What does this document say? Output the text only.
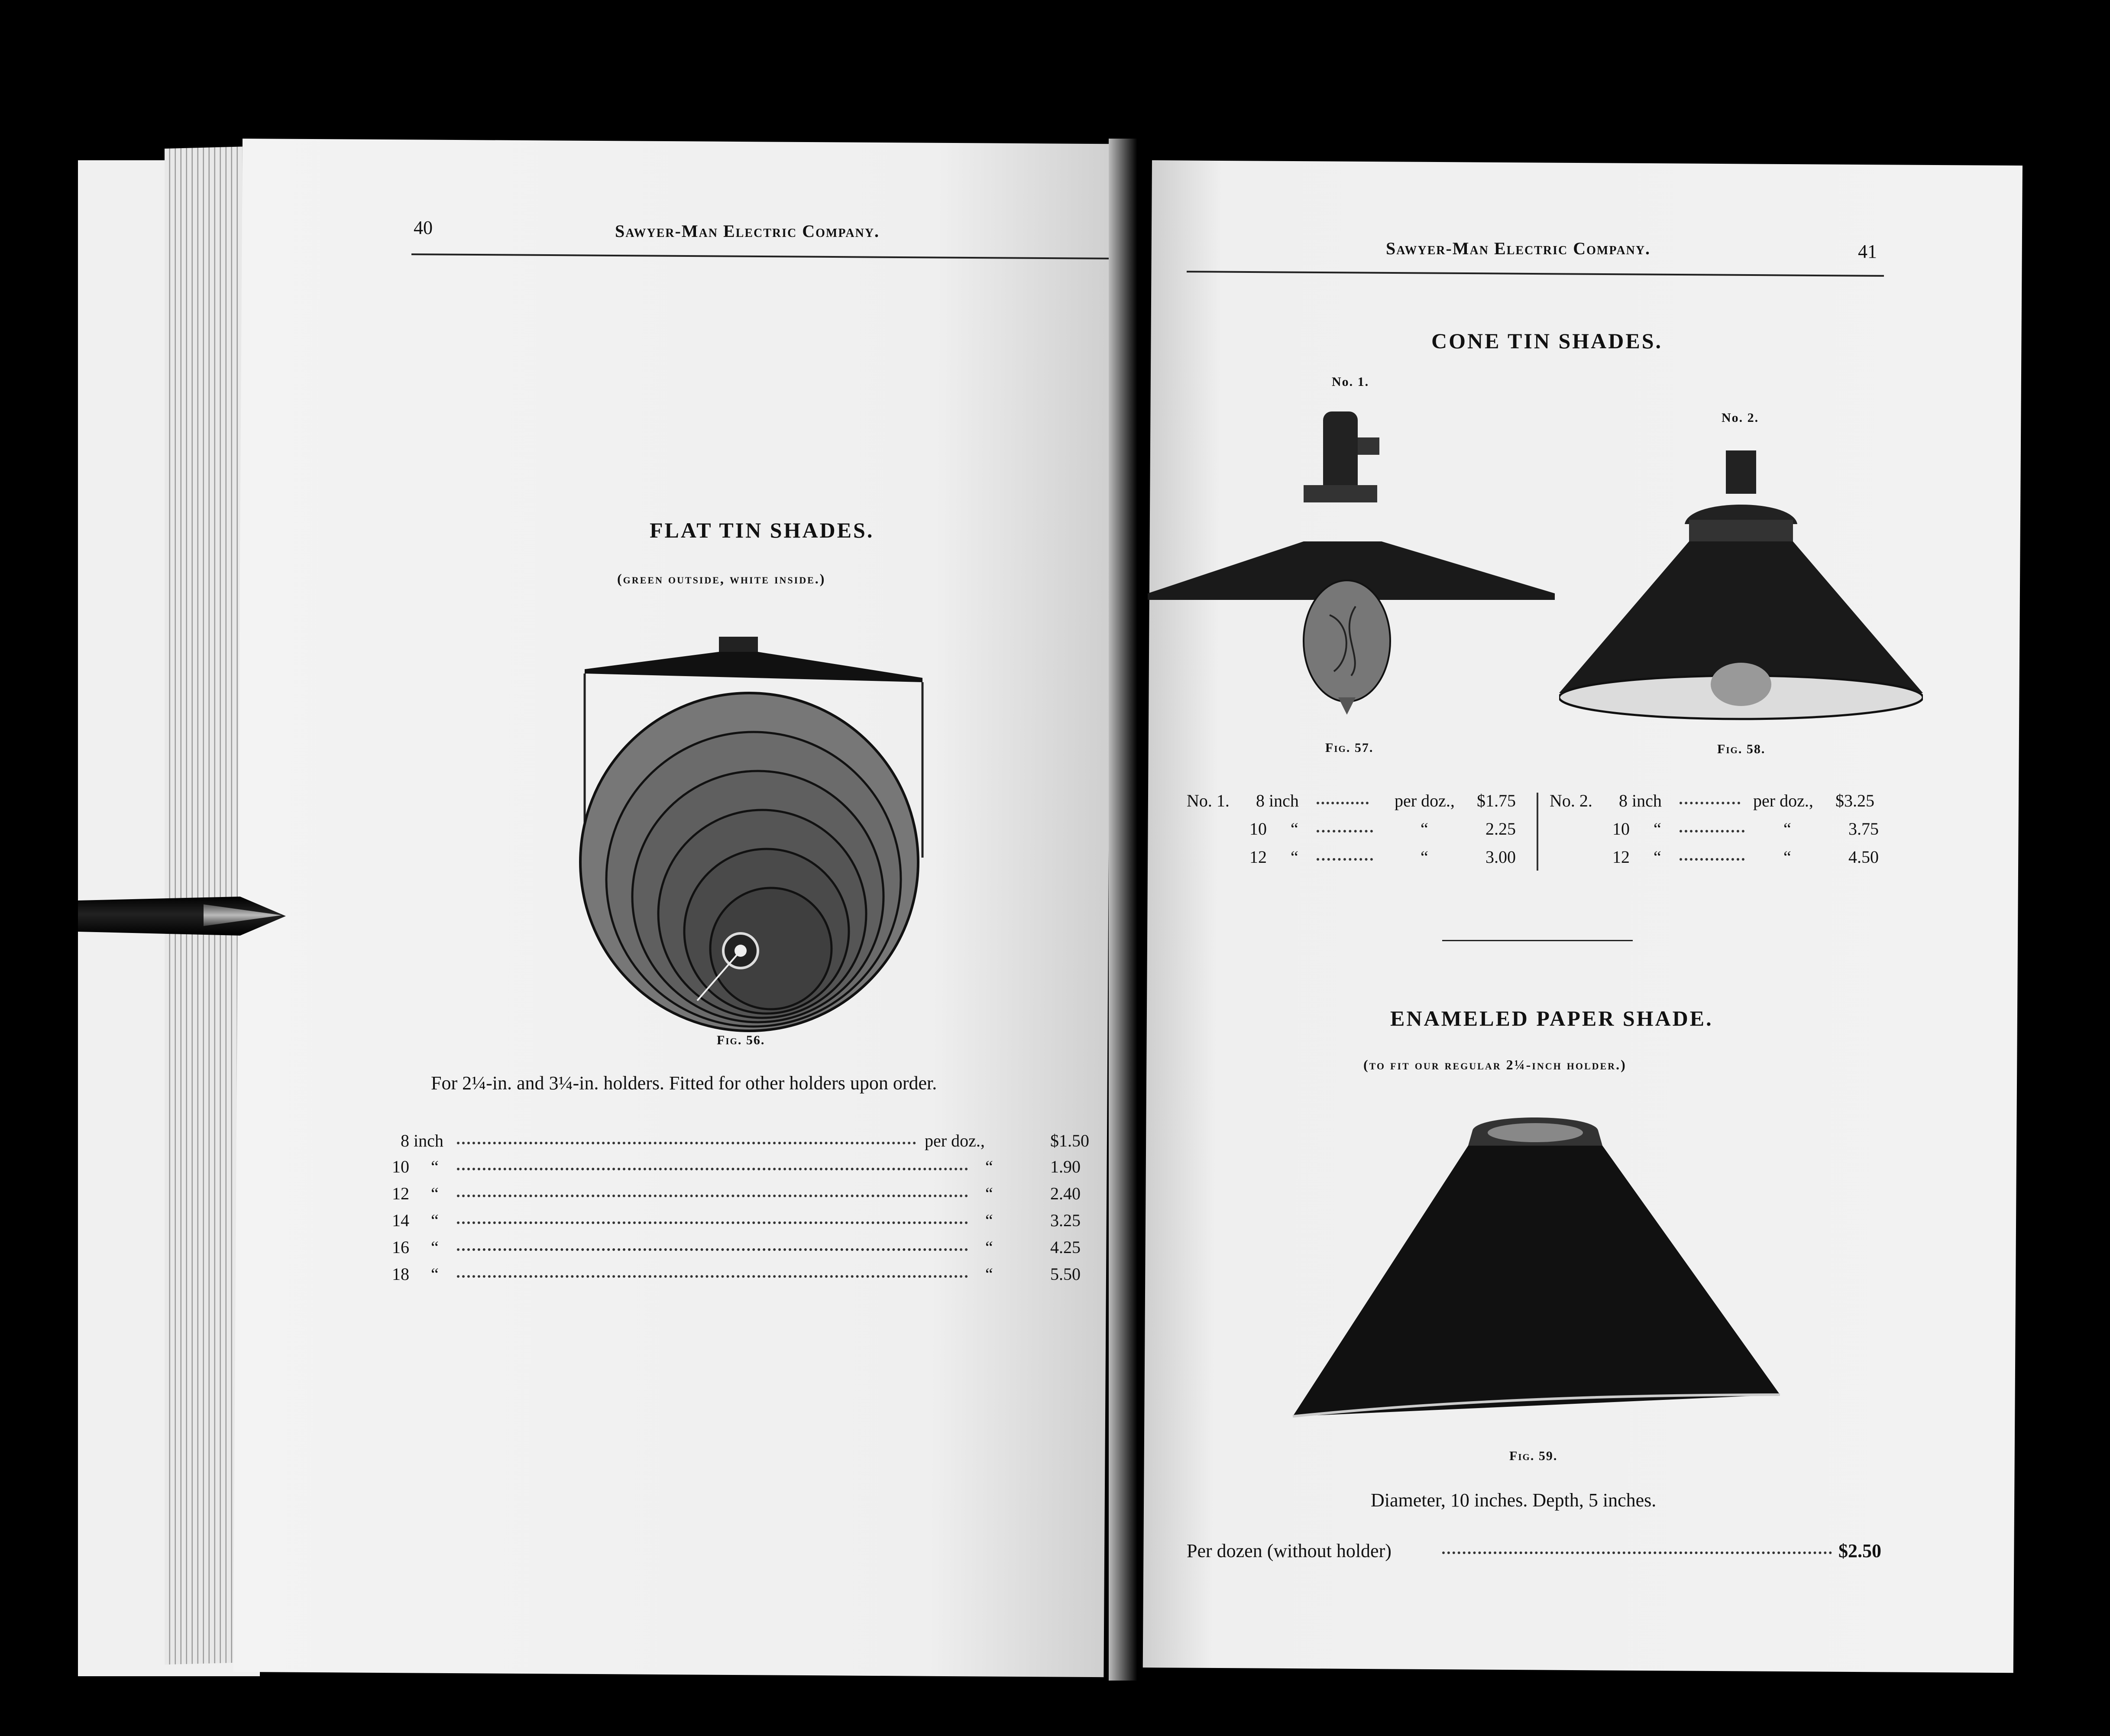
40	Sawyer-Man Electric Company.
FLAT TIN SHADES.
(green outside, white inside.)
Fig. 56.
For 2¼-in. and 3¼-in. holders. Fitted for other holders upon order.
8 inch	per doz.,	$1.50
10 “	“	1.90
12 “	“	2.40
14 “	“	3.25
16 “	“	4.25
18 “	“	5.50
Sawyer-Man Electric Company.	41
CONE TIN SHADES.
No. 1.
No. 2.
Fig. 57.	Fig. 58.
No. 1. 8 inch	per doz., $1.75
10 “	“	2.25
12 “	“	3.00
No. 2. 8 inch	per doz., $3.25
10 “	“	3.75
12 “	“	4.50
ENAMELED PAPER SHADE.
(to fit our regular 2¼-inch holder.)
Fig. 59.
Diameter, 10 inches. Depth, 5 inches.
Per dozen (without holder)	$2.50
